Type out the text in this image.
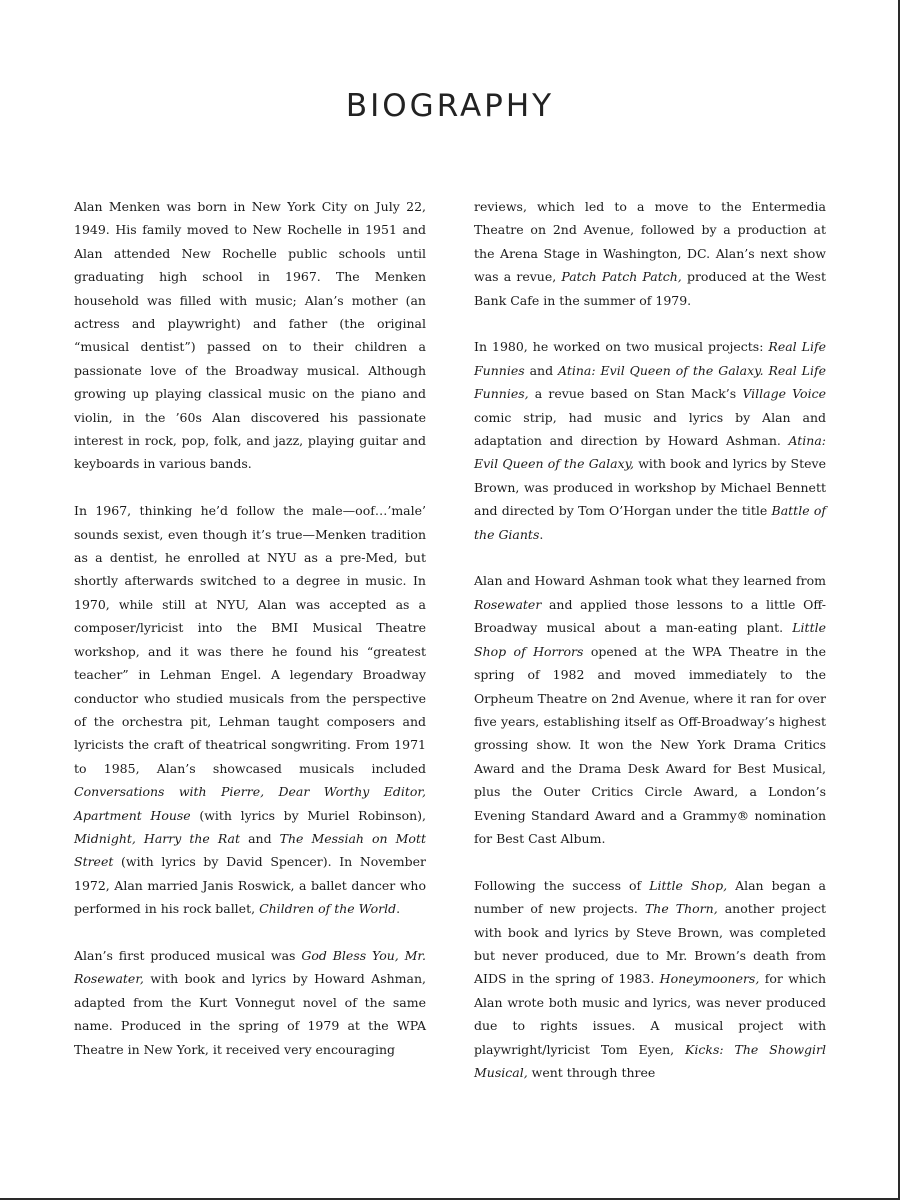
BIOGRAPHY

Alan Menken was born in New York City on July 22, 1949. His family moved to New Rochelle in 1951 and Alan attended New Rochelle public schools until graduating high school in 1967. The Menken household was filled with music; Alan’s mother (an actress and playwright) and father (the original “musical dentist”) passed on to their children a passionate love of the Broadway musical. Although growing up playing classical music on the piano and violin, in the ’60s Alan discovered his passionate interest in rock, pop, folk, and jazz, playing guitar and keyboards in various bands.

In 1967, thinking he’d follow the male—oof…’male’ sounds sexist, even though it’s true—Menken tradition as a dentist, he enrolled at NYU as a pre-Med, but shortly afterwards switched to a degree in music. In 1970, while still at NYU, Alan was accepted as a composer/lyricist into the BMI Musical Theatre workshop, and it was there he found his “greatest teacher” in Lehman Engel. A legendary Broadway conductor who studied musicals from the perspective of the orchestra pit, Lehman taught composers and lyricists the craft of theatrical songwriting. From 1971 to 1985, Alan’s showcased musicals included Conversations with Pierre, Dear Worthy Editor, Apartment House (with lyrics by Muriel Robinson), Midnight, Harry the Rat and The Messiah on Mott Street (with lyrics by David Spencer). In November 1972, Alan married Janis Roswick, a ballet dancer who performed in his rock ballet, Children of the World.

Alan’s first produced musical was God Bless You, Mr. Rosewater, with book and lyrics by Howard Ashman, adapted from the Kurt Vonnegut novel of the same name. Produced in the spring of 1979 at the WPA Theatre in New York, it received very encouraging

reviews, which led to a move to the Entermedia Theatre on 2nd Avenue, followed by a production at the Arena Stage in Washington, DC. Alan’s next show was a revue, Patch Patch Patch, produced at the West Bank Cafe in the summer of 1979.

In 1980, he worked on two musical projects: Real Life Funnies and Atina: Evil Queen of the Galaxy. Real Life Funnies, a revue based on Stan Mack’s Village Voice comic strip, had music and lyrics by Alan and adaptation and direction by Howard Ashman. Atina: Evil Queen of the Galaxy, with book and lyrics by Steve Brown, was produced in workshop by Michael Bennett and directed by Tom O’Horgan under the title Battle of the Giants.

Alan and Howard Ashman took what they learned from Rosewater and applied those lessons to a little Off-Broadway musical about a man-eating plant. Little Shop of Horrors opened at the WPA Theatre in the spring of 1982 and moved immediately to the Orpheum Theatre on 2nd Avenue, where it ran for over five years, establishing itself as Off-Broadway’s highest grossing show. It won the New York Drama Critics Award and the Drama Desk Award for Best Musical, plus the Outer Critics Circle Award, a London’s Evening Standard Award and a Grammy® nomination for Best Cast Album.

Following the success of Little Shop, Alan began a number of new projects. The Thorn, another project with book and lyrics by Steve Brown, was completed but never produced, due to Mr. Brown’s death from AIDS in the spring of 1983. Honeymooners, for which Alan wrote both music and lyrics, was never produced due to rights issues. A musical project with playwright/lyricist Tom Eyen, Kicks: The Showgirl Musical, went through three
